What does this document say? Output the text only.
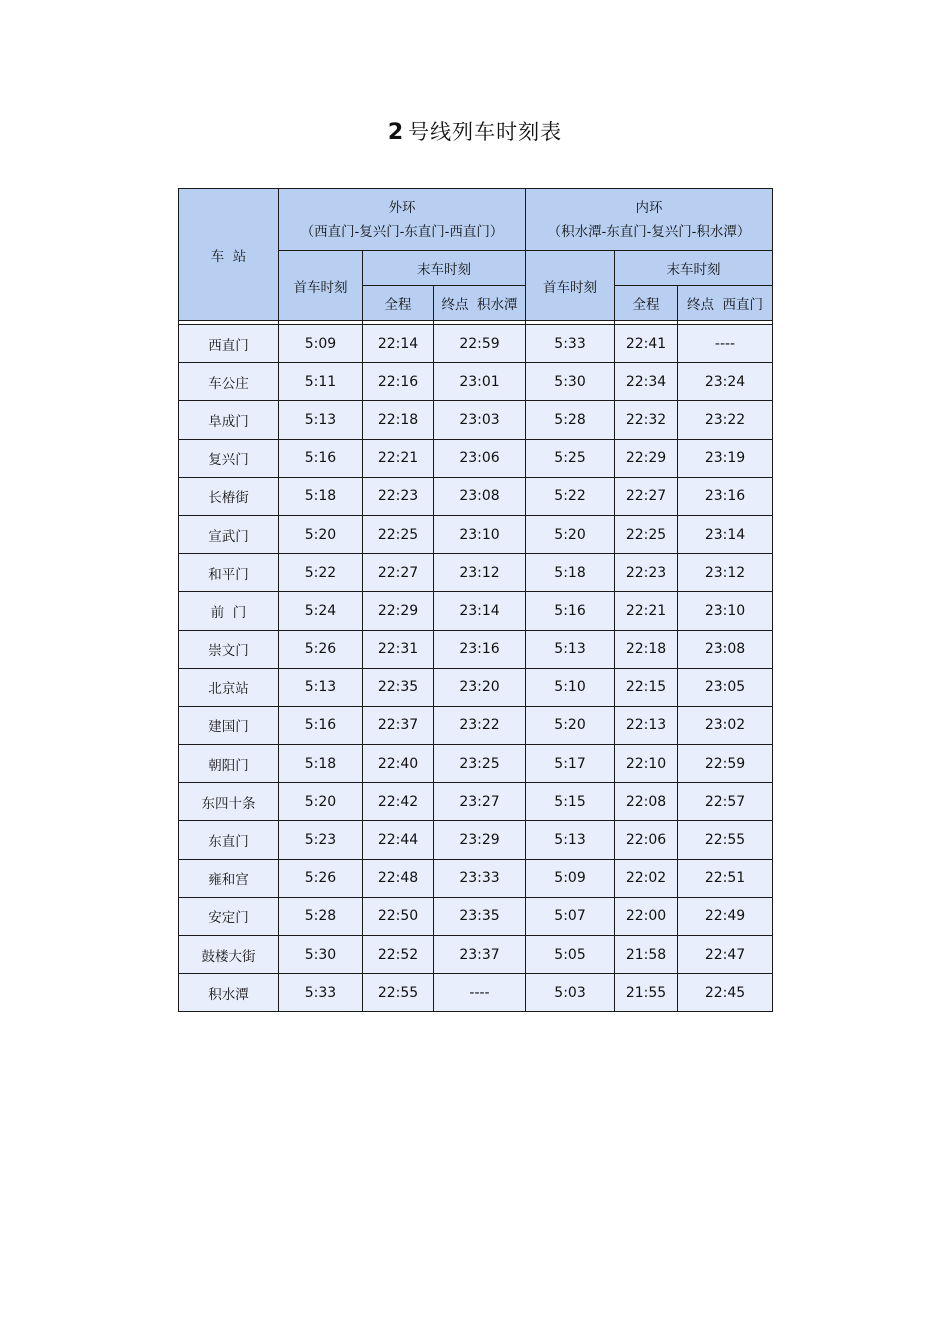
2 号线列车时刻表
车  站	外环
（西直门-复兴门-东直门-西直门）			内环
（积水潭-东直门-复兴门-积水潭）		

	首车时刻	末车时刻		首车时刻	末车时刻	
		全程	终点  积水潭		全程	终点  西直门

西直门	5:09	22:14	22:59	5:33	22:41	----
车公庄	5:11	22:16	23:01	5:30	22:34	23:24
阜成门	5:13	22:18	23:03	5:28	22:32	23:22
复兴门	5:16	22:21	23:06	5:25	22:29	23:19
长椿街	5:18	22:23	23:08	5:22	22:27	23:16
宣武门	5:20	22:25	23:10	5:20	22:25	23:14
和平门	5:22	22:27	23:12	5:18	22:23	23:12
前  门	5:24	22:29	23:14	5:16	22:21	23:10
崇文门	5:26	22:31	23:16	5:13	22:18	23:08
北京站	5:13	22:35	23:20	5:10	22:15	23:05
建国门	5:16	22:37	23:22	5:20	22:13	23:02
朝阳门	5:18	22:40	23:25	5:17	22:10	22:59
东四十条	5:20	22:42	23:27	5:15	22:08	22:57
东直门	5:23	22:44	23:29	5:13	22:06	22:55
雍和宫	5:26	22:48	23:33	5:09	22:02	22:51
安定门	5:28	22:50	23:35	5:07	22:00	22:49
鼓楼大街	5:30	22:52	23:37	5:05	21:58	22:47
积水潭	5:33	22:55	----	5:03	21:55	22:45
